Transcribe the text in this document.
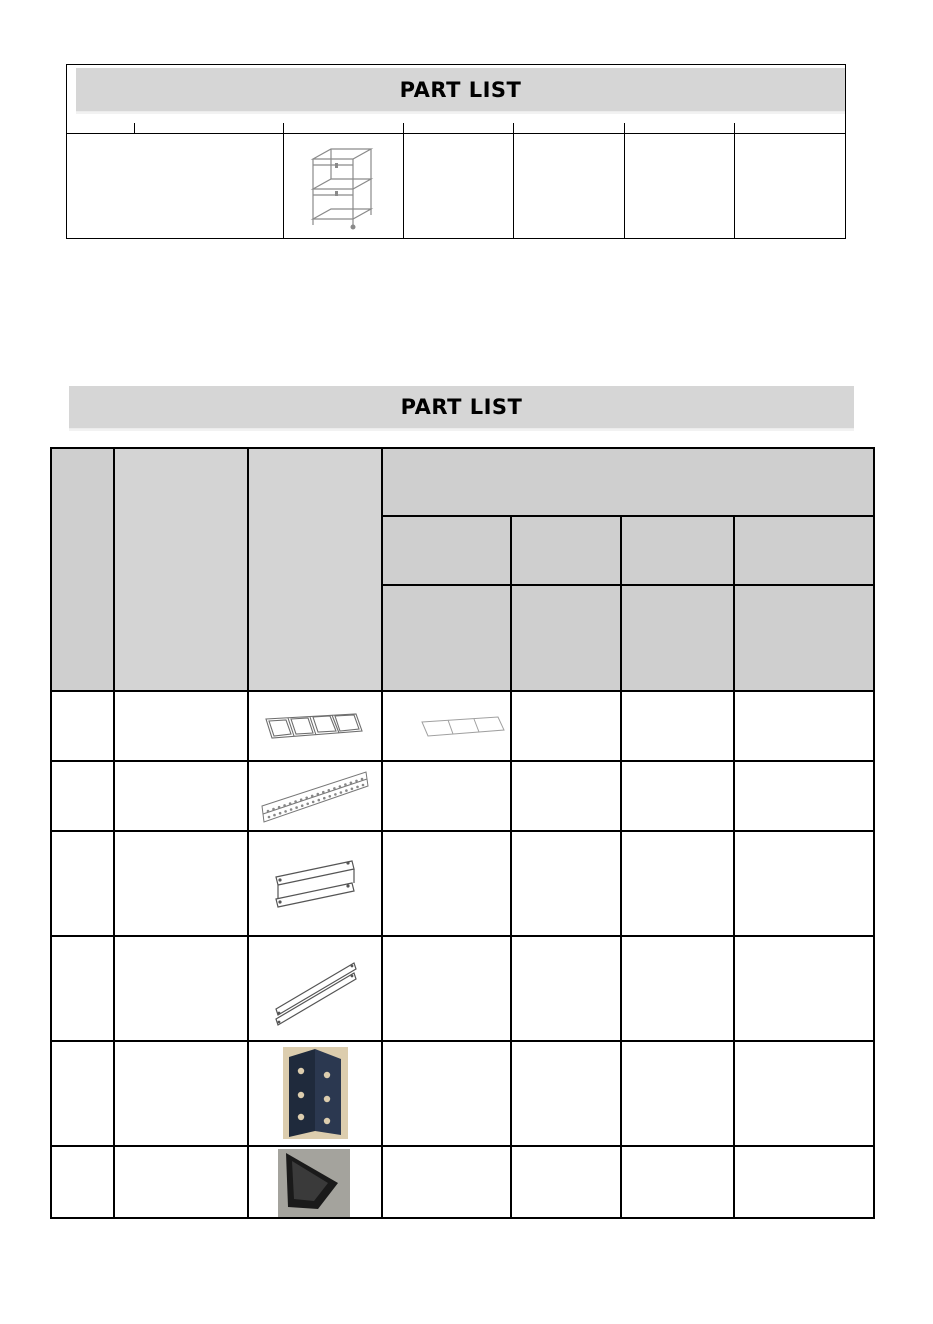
PART LIST
PART LIST
